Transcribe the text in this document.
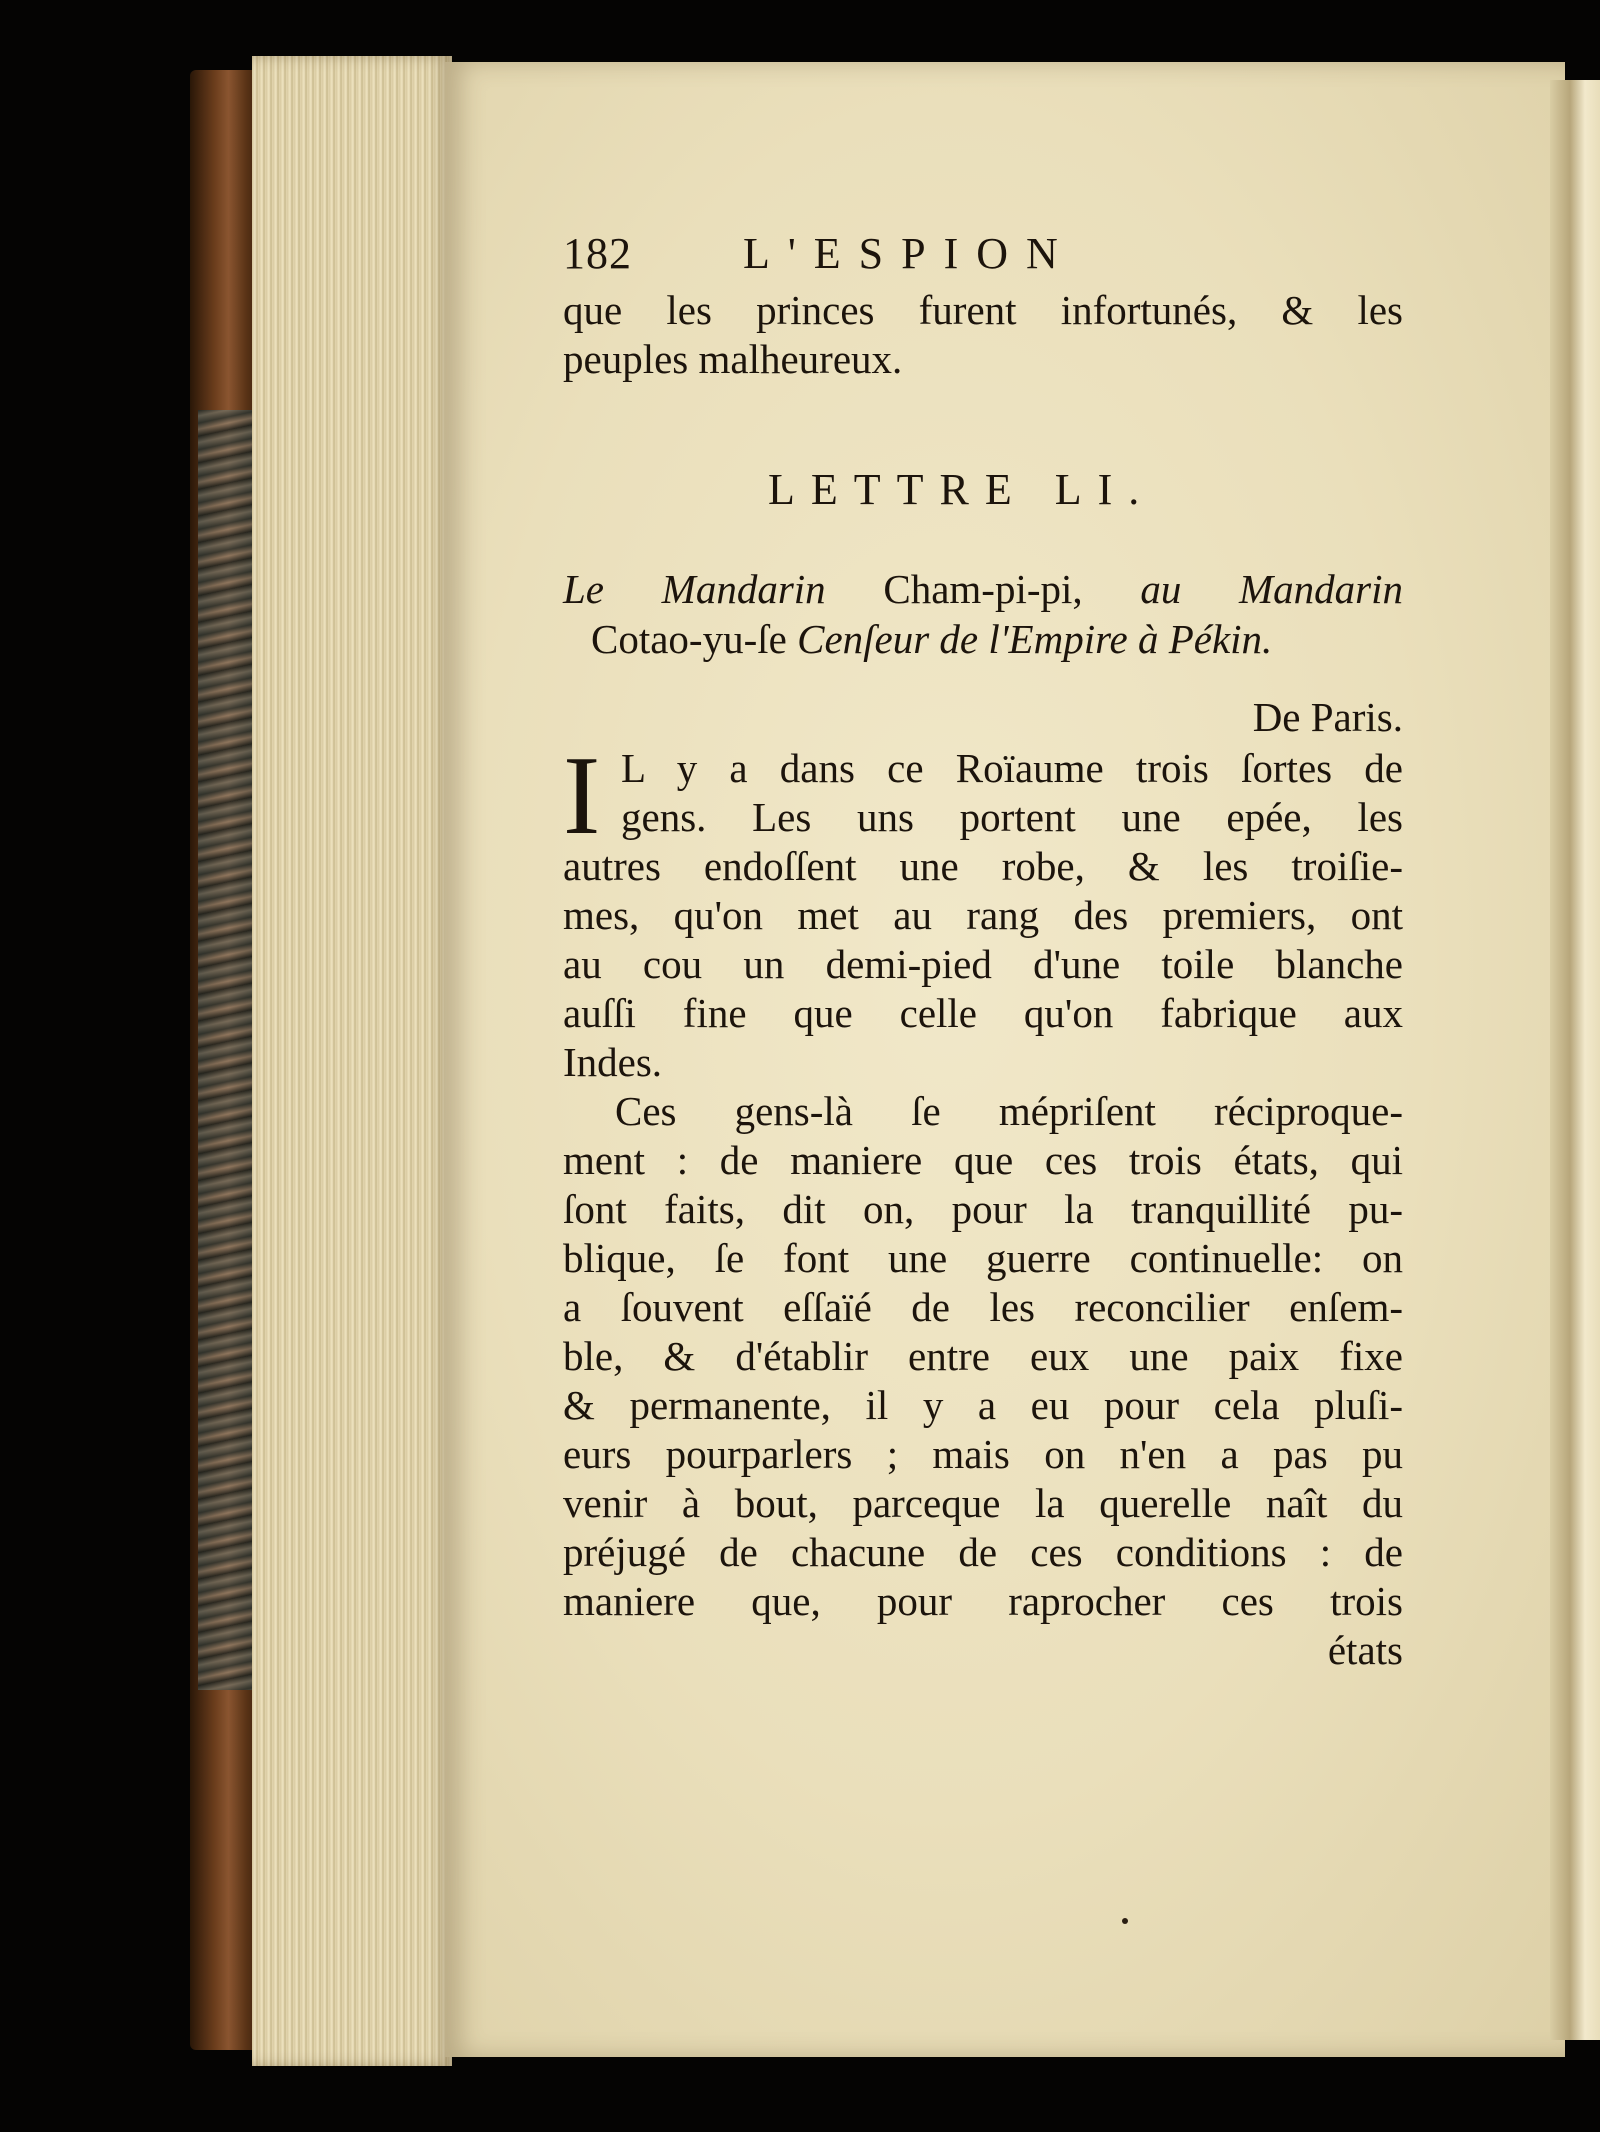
182	L'ESPION
que les princes furent infortunés, & les
peuples malheureux.
LETTRE LI.
Le Mandarin Cham-pi-pi, au Mandarin
Cotao-yu-ſe Cenſeur de l'Empire à Pékin.
De Paris.
I L y a dans ce Roïaume trois ſortes de
gens. Les uns portent une epée, les
autres endoſſent une robe, & les troiſie-
mes, qu'on met au rang des premiers, ont
au cou un demi-pied d'une toile blanche
auſſi fine que celle qu'on fabrique aux
Indes.
Ces gens-là ſe mépriſent réciproque-
ment : de maniere que ces trois états, qui
ſont faits, dit on, pour la tranquillité pu-
blique, ſe font une guerre continuelle: on
a ſouvent eſſaïé de les reconcilier enſem-
ble, & d'établir entre eux une paix fixe
& permanente, il y a eu pour cela pluſi-
eurs pourparlers ; mais on n'en a pas pu
venir à bout, parceque la querelle naît du
préjugé de chacune de ces conditions : de
maniere que, pour raprocher ces trois
états
